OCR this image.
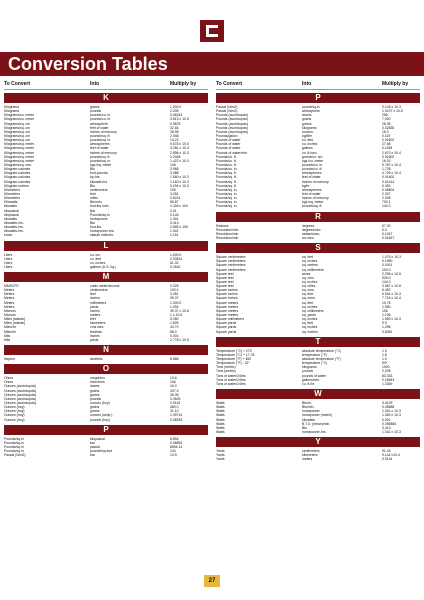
Conversion Tables
To Convert	Into	Multiply by
K
Kilograms	grams	1,000.0
Kilograms	pounds	2.205
Kilograms/cu. meter	pounds/cu. in.	0.06243
Kilograms/cu. meter	pounds/cu. in.	3.613 x 10-5
Kilograms/sq. cm	atmosphere	0.9678
Kilograms/sq. cm	feet of water	32.84
Kilograms/sq. cm	inches of mercury	28.96
Kilograms/sq. cm	pounds/sq. ft.	2.048
Kilograms/sq. cm	pounds/sq. in.	14.22
Kilograms/sq. meter	atmospheres	9.678 x 10-5
Kilograms/sq. meter	feet of water	3.281 x 10-3
Kilograms/sq. meter	inches of mercury	2.896 x 10-3
Kilograms/sq. meter	pounds/sq. ft.	0.2048
Kilograms/sq. meter	pounds/sq. in.	1.422 x 10-3
Kilograms/sq. mm.	kgs./sq. meter	106
Kilogram-calories	Btu	3.968
Kilogram-calories	foot-pounds	3.088
Kilogram-calories	hp-hrs	1.560 x 10-3
Kilogram-calories	kilowatt-hrs	1.163 x 10-3
Kilogram-meters	Btu	9.294 x 10-3
Kilometers	centimeters	105
Kilometers	feet	3,281
Kilometers	miles	0.6214
Kilowatts	Btu/min.	56.87
kilowatts	foot-lbs./min.	4.426 x 104
kilopascal	Bar	0.01
kilopascal	Pounds/sq.in	0.145
kilowatts	horsepower	1.341
kilowatts-hrs.	Btu	3,413
kilowatts-hrs.	foot-lbs.	2.655 x 106
kilowatts-hrs.	horsepower-hrs.	1.341
knots	statute miles/hr.	1.151
L
Liters	cu. cm.	1,000.0
Liters	cu. feet	0.03531
Liters	cu. inches	61.02
Liters	gallons (U.S. liq.)	0.2642
M
MMSCFD	cubic meter/second	0.328
Meters	centimeters	100.0
Meters	feet	3.281
Meters	inches	39.37
Meters	millimeters	1,000.0
Meters	yards	1.094
Microns	inches	39.37 x 10-6
Microns	meters	1 x 10-6
Miles (statute)	feet	5,280
Miles (statute)	kilometers	1.609
Miles/hr.	cms./sec.	44.70
Miles/hr.	feet/min.	88.0
Mils	inches	0.001
Mils	yards	2.778 x 10-5
N
Nepers	decibels	8.686
O
Ohms	megohms	10-6
Ohms	microhms	106
Ounces (avoirdupois)	drams	16.0
Ounces (avoirdupois)	grains	437.5
Ounces (avoirdupois)	grams	28.35
Ounces (avoirdupois)	pounds	0.0625
Ounces (avoirdupois)	ounces (troy)	0.9115
Ounces (troy)	grains	480.0
Ounces (troy)	grams	31.10
Ounces (troy)	ounces (avdp.)	1.09714
Ounces (troy)	pounds (troy)	0.08333
P
Pounds/sq.in	kilopascal	6.894
Pounds/sq.in	bar	0.06894
Pounds/sq.in	pascal	6894.14
Pounds/sq.in	pounds/sq.foot	144
Pascal (N/m2)	bar	10-5
To Convert	Into	Multiply by
P
Pascal (N/m2)	pound/sq.in.	0.145 x 10-3
Pascal (N/m2)	atmosphere	1.0197 x 10-5
Pounds (avoirdupois)	drams	256.
Pounds (avoirdupois)	grains	7,000
Pounds (avoirdupois)	grams	28.35
Pounds (avoirdupois)	kilograms	0.02835
Pounds (avoirdupois)	ounces	16.0
Pounds/gallon	kg/liter	0.119
Pounds of water	cu. feet	0.01602
Pounds of water	cu. inches	27.68
Pounds of water	gallons	0.1198
Pounds of water/min.	cu. ft./sec.	2.670 x 10-4
Pounds/cu. ft.	grams/cu. cm.	0.01602
Pounds/cu. ft.	kgs./cu. meter	16.02
Pounds/cu. ft.	pounds/cu. in.	5.787 x 10-4
Pounds/cu. in.	pounds/cu. ft.	1,728
Pounds/sq. ft.	atmospheres	4.725 x 10-4
Pounds/sq. ft.	feet of water	0.01602
Pounds/sq. ft.	inches of mercury	0.01414
Pounds/sq. ft.	kg/hr	0.453
Pounds/sq. in.	atmospheres	0.06804
Pounds/sq. in.	feet of water	2.307
Pounds/sq. in.	inches of mercury	2.036
Pounds/sq. in.	kgs./sq. meter	703.1
Pounds/sq. in.	pounds/sq. ft.	144.0
R
Radians	degrees	57.30
Revolution/min	degrees/sec.	6.0
Revolution/min	radians/sec.	0.1047
Revolution/min	rev./sec.	0.01667
S
Square centimeters	sq. feet	1.076 x 10-3
Square centimeters	sq. inches	0.1550
Square centimeters	sq. meters	0.0001
Square centimeters	sq. millimeters	100.0
Square feet	acres	2.296 x 10-5
Square feet	sq. cms.	929.0
Square feet	sq. inches	144.0
Square feet	sq. miles	3.587 x 10-8
Square inches	sq. cms.	6.452
Square inches	sq. feet	6.944 x 10-3
Square inches	sq. mms.	7.716 x 10-4
Square meters	sq. feet	10.76
Square meters	sq. inches	1,550
Square meters	sq. millimeters	106
Square meters	sq. yards	1.196
Square millimeters	sq. inches	1.550 x 10-3
Square yards	sq. feet	9.0
Square yards	sq. inches	1,296
Square yards	sq. meters	0.8361
T
Temperature (°C) + 273	absolute temperature (°C)	1.0
Temperature (°C) + 17.78	temperature (°F)	1.8
Temperature (°F) + 460	absolute temperature (°F)	1.0
Temperature (°F) - 32°	temperature (°C)	5/9
Tons (metric)	kilograms	1000
Tons (metric)	pounds	2,205
Tons of water/24hrs	pounds of water	83.333
Tons of water/24hrs	gallons/min.	0.16643
Tons of water/24hrs	cu. ft./hr.	1.3349
W
Watts	Btu/hr.	3.4129
Watts	Btu/min.	0.05688
Watts	horsepower	1.341 x 10-3
Watts	horsepower (metric)	1.360 x 10-3
Watts	kilowatts	0.001
Watts	B.T.U. (mean)/min.	0.056884
Watts	Btu	3,413
Watts	horsepower-hrs.	1.341 x 10-3
Y
Yards	centimeters	91.44
Yards	kilometers	9.144 x10-4
Yards	meters	0.9144
27
